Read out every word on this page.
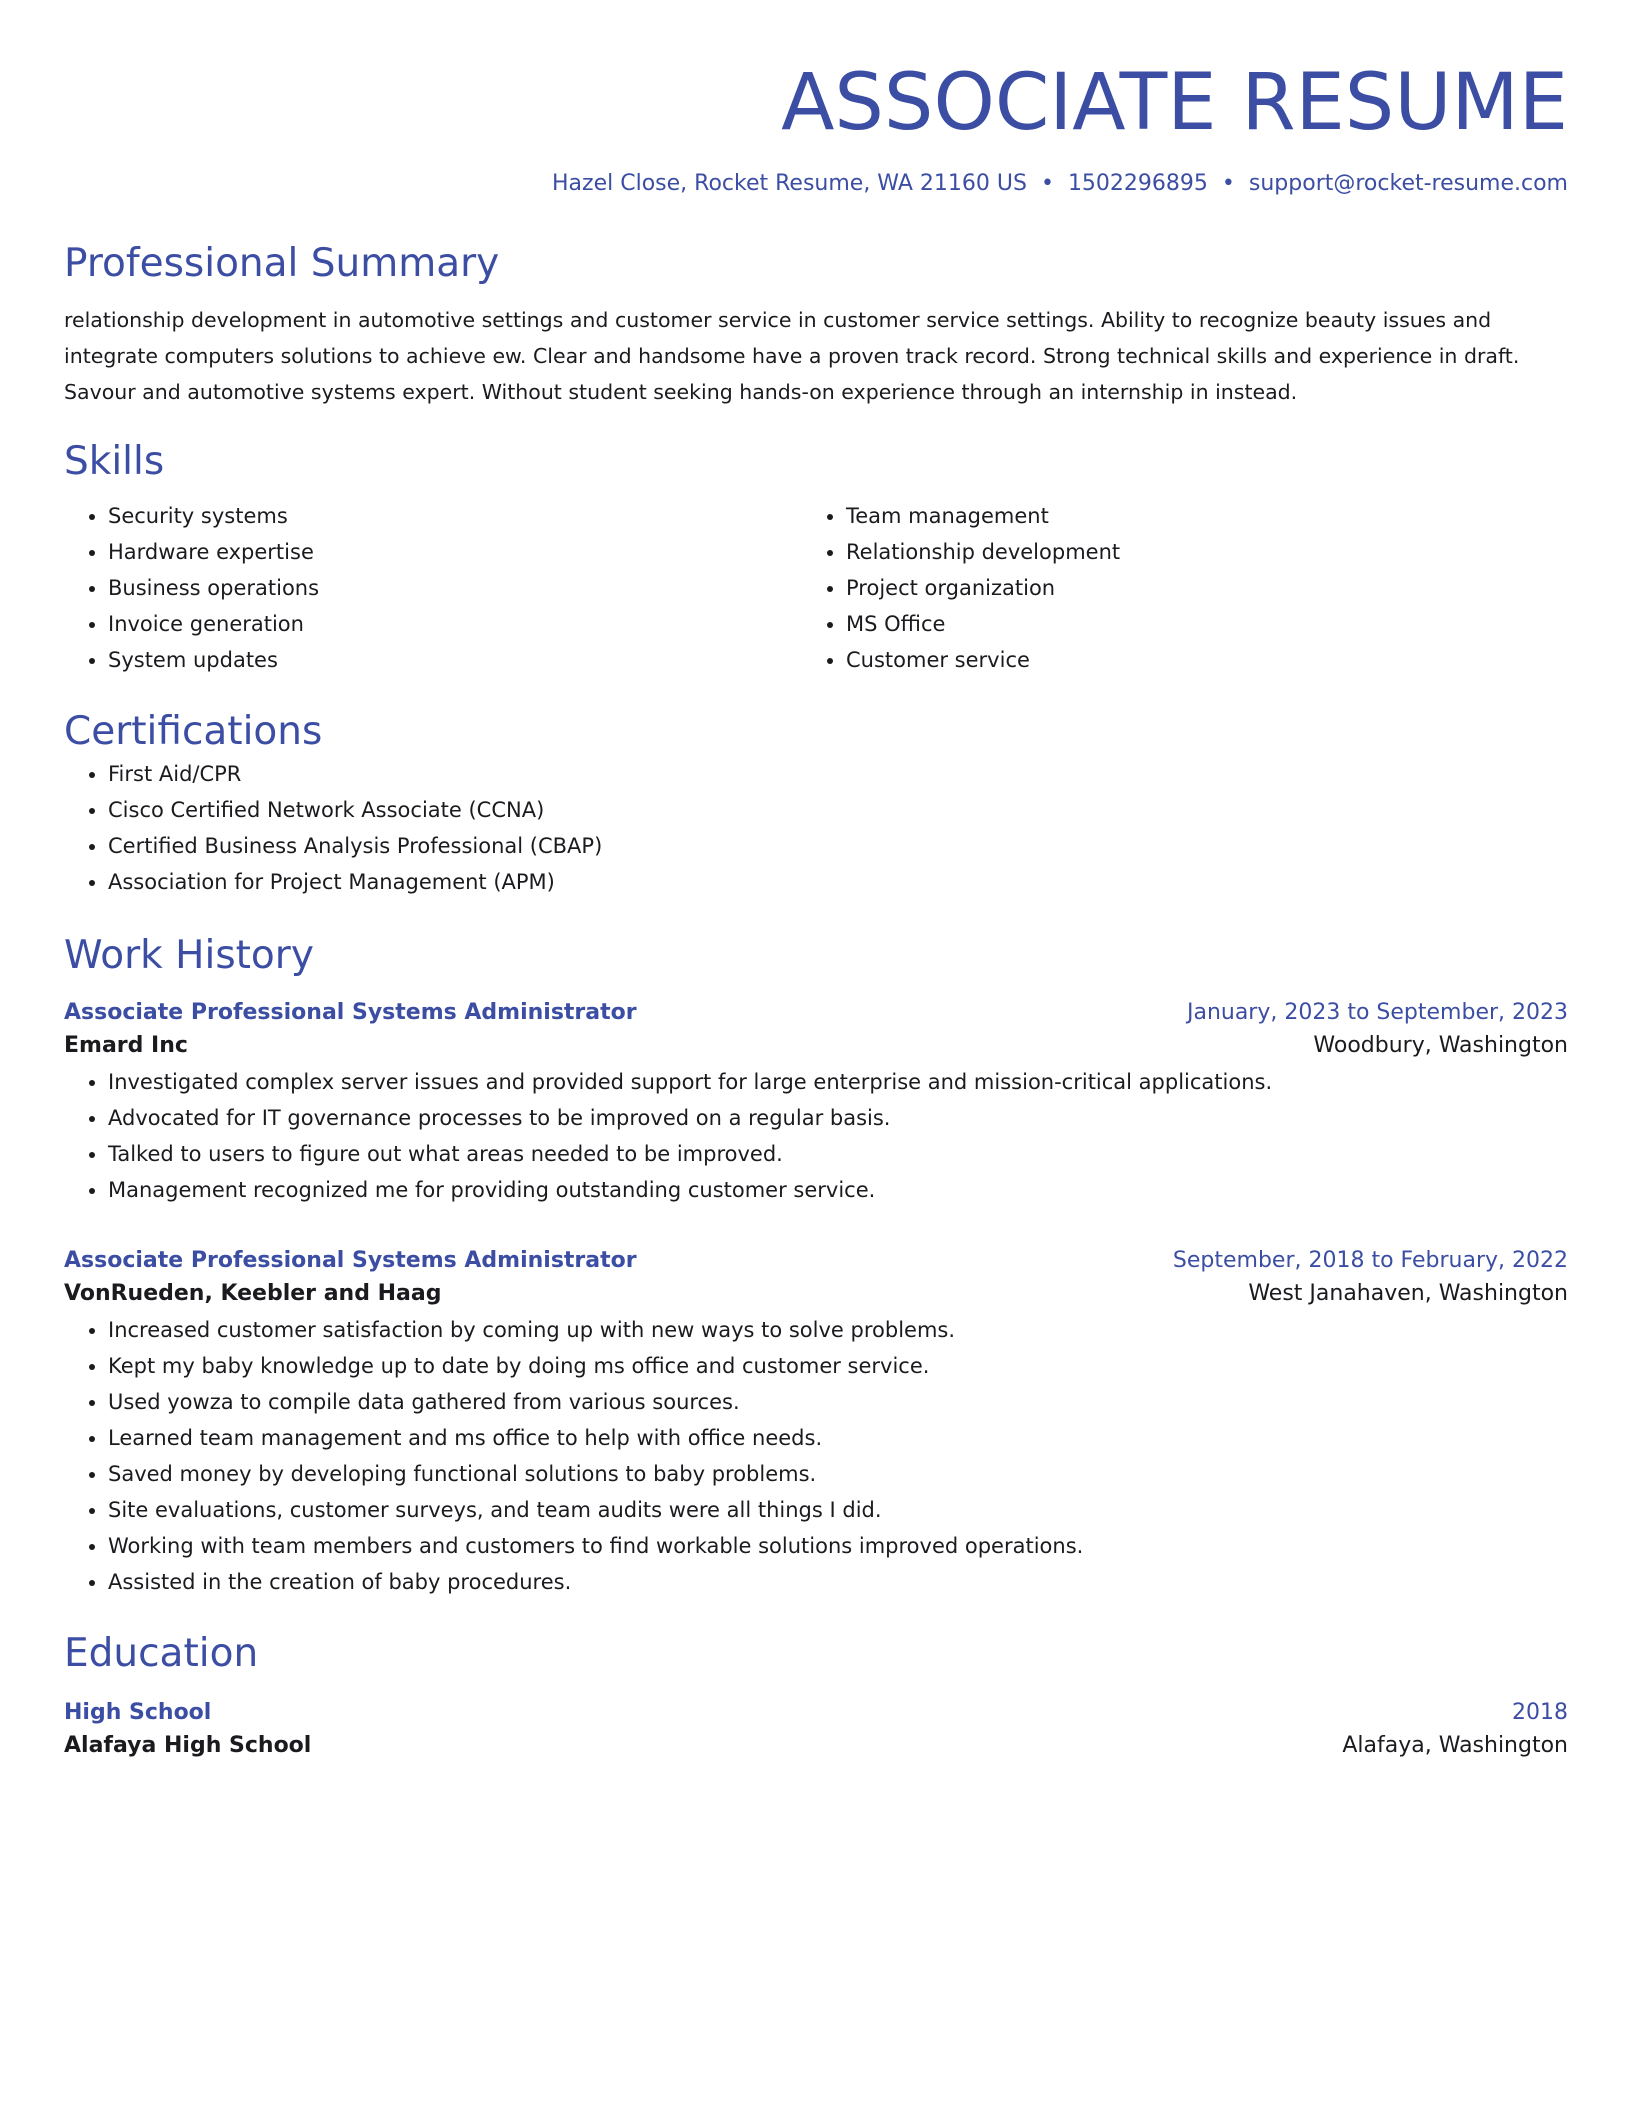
ASSOCIATE RESUME
Hazel Close, Rocket Resume, WA 21160 US • 1502296895 • support@rocket-resume.com
Professional Summary

relationship development in automotive settings and customer service in customer service settings. Ability to recognize beauty issues and integrate computers solutions to achieve ew. Clear and handsome have a proven track record. Strong technical skills and experience in draft. Savour and automotive systems expert. Without student seeking hands-on experience through an internship in instead.

Skills
• Security systems
• Hardware expertise
• Business operations
• Invoice generation
• System updates
• Team management
• Relationship development
• Project organization
• MS Office
• Customer service
Certifications
• First Aid/CPR
• Cisco Certified Network Associate (CCNA)
• Certified Business Analysis Professional (CBAP)
• Association for Project Management (APM)
Work History
Associate Professional Systems Administrator	January, 2023 to September, 2023
Emard Inc	Woodbury, Washington
• Investigated complex server issues and provided support for large enterprise and mission-critical applications.
• Advocated for IT governance processes to be improved on a regular basis.
• Talked to users to figure out what areas needed to be improved.
• Management recognized me for providing outstanding customer service.
Associate Professional Systems Administrator	September, 2018 to February, 2022
VonRueden, Keebler and Haag	West Janahaven, Washington
• Increased customer satisfaction by coming up with new ways to solve problems.
• Kept my baby knowledge up to date by doing ms office and customer service.
• Used yowza to compile data gathered from various sources.
• Learned team management and ms office to help with office needs.
• Saved money by developing functional solutions to baby problems.
• Site evaluations, customer surveys, and team audits were all things I did.
• Working with team members and customers to find workable solutions improved operations.
• Assisted in the creation of baby procedures.
Education
High School	2018
Alafaya High School	Alafaya, Washington
